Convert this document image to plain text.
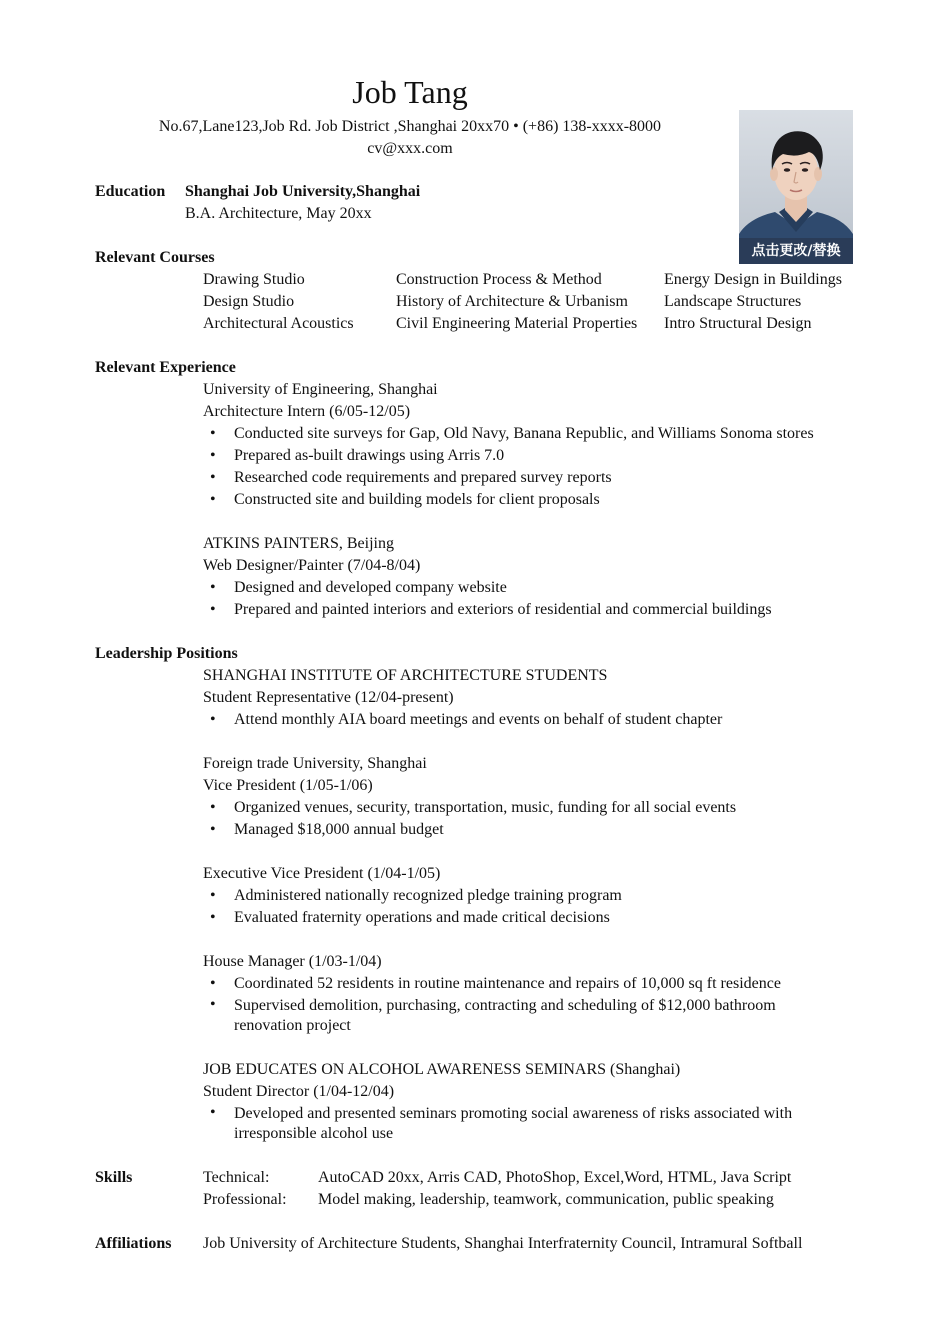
Job Tang
No.67,Lane123,Job Rd. Job District ,Shanghai 20xx70 • (+86) 138-xxxx-8000
cv@xxx.com
点击更改/替换
Education Shanghai Job University,Shanghai
B.A. Architecture, May 20xx
Relevant Courses
Drawing Studio
Design Studio
Architectural Acoustics
Construction Process & Method
History of Architecture & Urbanism
Civil Engineering Material Properties
Energy Design in Buildings
Landscape Structures
Intro Structural Design
Relevant Experience
University of Engineering, Shanghai
Architecture Intern (6/05-12/05)
• Conducted site surveys for Gap, Old Navy, Banana Republic, and Williams Sonoma stores
• Prepared as-built drawings using Arris 7.0
• Researched code requirements and prepared survey reports
• Constructed site and building models for client proposals
ATKINS PAINTERS, Beijing
Web Designer/Painter (7/04-8/04)
• Designed and developed company website
• Prepared and painted interiors and exteriors of residential and commercial buildings
Leadership Positions
SHANGHAI INSTITUTE OF ARCHITECTURE STUDENTS
Student Representative (12/04-present)
• Attend monthly AIA board meetings and events on behalf of student chapter
Foreign trade University, Shanghai
Vice President (1/05-1/06)
• Organized venues, security, transportation, music, funding for all social events
• Managed $18,000 annual budget
Executive Vice President (1/04-1/05)
• Administered nationally recognized pledge training program
• Evaluated fraternity operations and made critical decisions
House Manager (1/03-1/04)
• Coordinated 52 residents in routine maintenance and repairs of 10,000 sq ft residence
• Supervised demolition, purchasing, contracting and scheduling of $12,000 bathroom renovation project
JOB EDUCATES ON ALCOHOL AWARENESS SEMINARS (Shanghai)
Student Director (1/04-12/04)
• Developed and presented seminars promoting social awareness of risks associated with irresponsible alcohol use
Skills	Technical:	AutoCAD 20xx, Arris CAD, PhotoShop, Excel,Word, HTML, Java Script
Professional: Model making, leadership, teamwork, communication, public speaking
Affiliations Job University of Architecture Students, Shanghai Interfraternity Council, Intramural Softball
